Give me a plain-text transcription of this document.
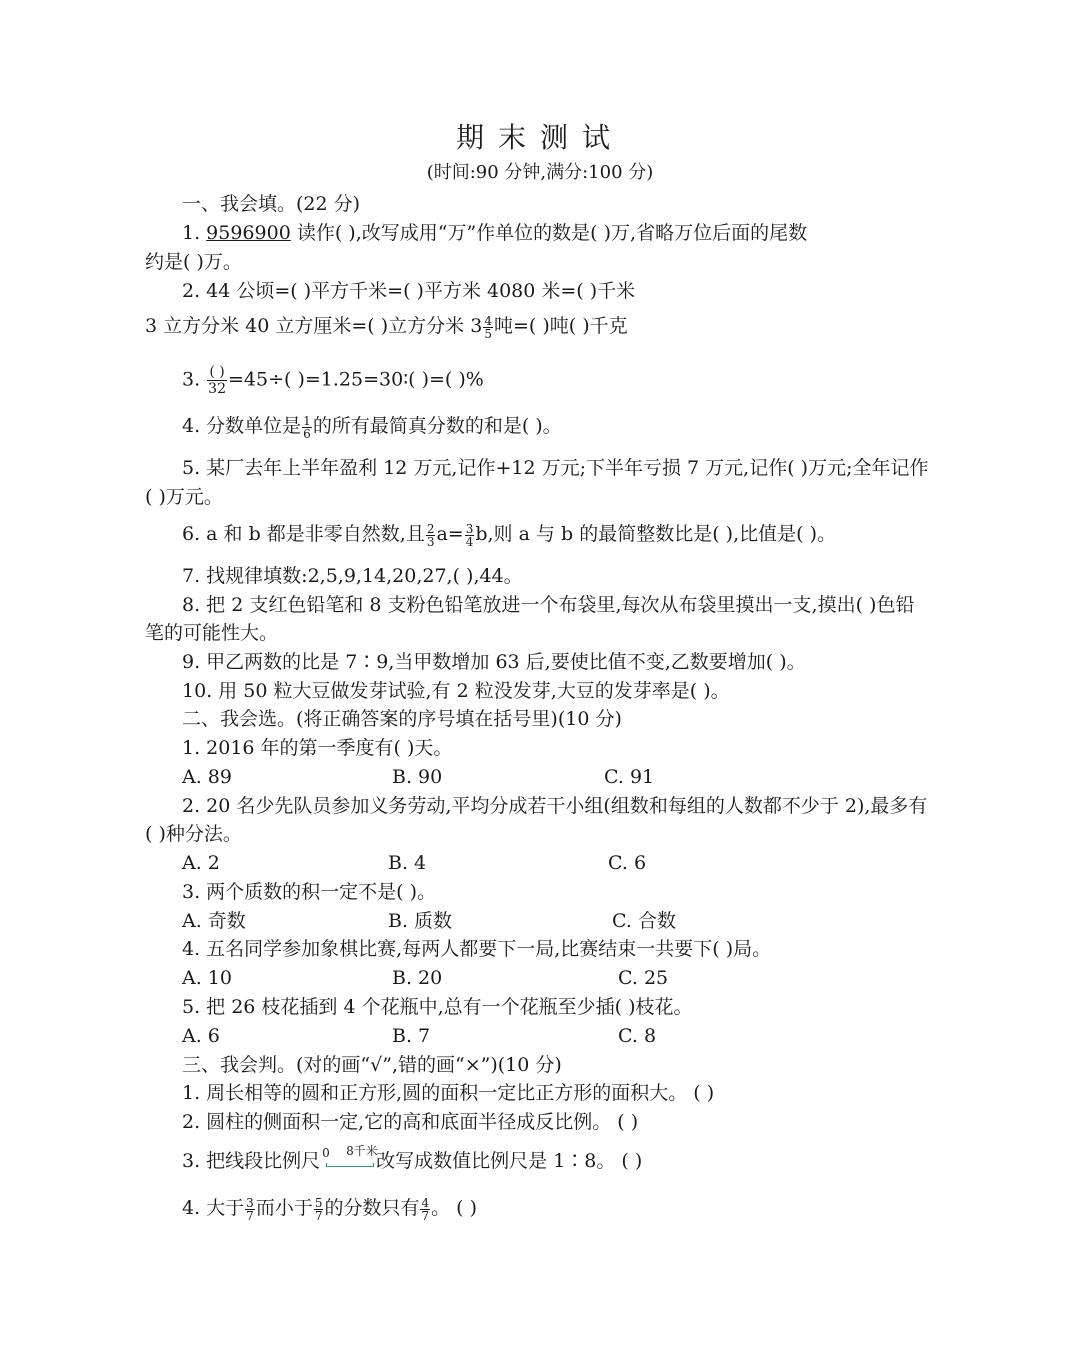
期末测试
(时间:90 分钟,满分:100 分)
一、我会填。(22 分)
1. 9596900 读作( ),改写成用“万”作单位的数是( )万,省略万位后面的尾数
约是( )万。
2. 44 公顷=( )平方千米=( )平方米 4080 米=( )千米
3 立方分米 40 立方厘米=( )立方分米 $3 \frac{4}{5}$ 吨=( )吨( )千克
3. $\frac{( )}{32} =45\div$( )=1.25=30∶( )=( )%
4. 分数单位是 $\frac{1}{6}$ 的所有最简真分数的和是( )。
5. 某厂去年上半年盈利 12 万元,记作+12 万元;下半年亏损 7 万元,记作( )万元;全年记作
( )万元。
6. a 和 b 都是非零自然数,且 $\frac{2}{3} a= \frac{3}{4} b$,则 a 与 b 的最简整数比是( ),比值是( )。
7. 找规律填数:2,5,9,14,20,27,( ),44。
8. 把 2 支红色铅笔和 8 支粉色铅笔放进一个布袋里,每次从布袋里摸出一支,摸出( )色铅
笔的可能性大。
9. 甲乙两数的比是 7∶9,当甲数增加 63 后,要使比值不变,乙数要增加( )。
10. 用 50 粒大豆做发芽试验,有 2 粒没发芽,大豆的发芽率是( )。
二、我会选。(将正确答案的序号填在括号里)(10 分)
1. 2016 年的第一季度有( )天。
A. 89	B. 90	C. 91
2. 20 名少先队员参加义务劳动,平均分成若干小组(组数和每组的人数都不少于 2),最多有
( )种分法。
A. 2	B. 4	C. 6
3. 两个质数的积一定不是( )。
A. 奇数	B. 质数	C. 合数
4. 五名同学参加象棋比赛,每两人都要下一局,比赛结束一共要下( )局。
A. 10	B. 20	C. 25
5. 把 26 枝花插到 4 个花瓶中,总有一个花瓶至少插( )枝花。
A. 6	B. 7	C. 8
三、我会判。(对的画“√”,错的画“×”)(10 分)
1. 周长相等的圆和正方形,圆的面积一定比正方形的面积大。 ( )
2. 圆柱的侧面积一定,它的高和底面半径成反比例。 ( )
3. 把线段比例尺 0 8千米
改写成数值比例尺是 1∶8。 ( )
4. 大于 $\frac{3}{7}$ 而小于 $\frac{5}{7}$ 的分数只有 $\frac{4}{7}$ 。 ( )
